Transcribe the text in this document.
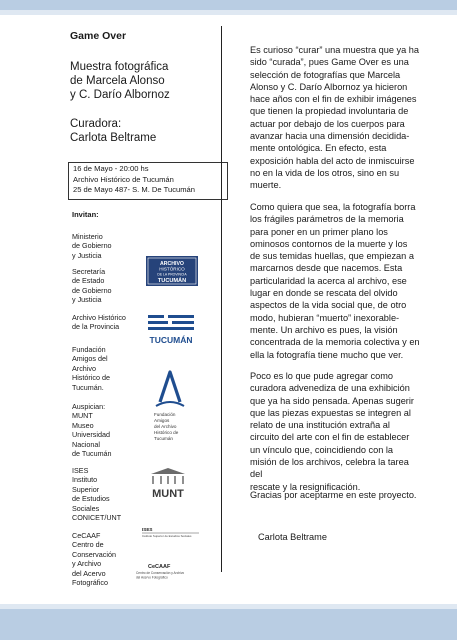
Game Over
Muestra fotográfica
de Marcela Alonso
y C. Darío Albornoz
Curadora:
Carlota Beltrame
16 de Mayo - 20:00 hs
Archivo Histórico de Tucumán
25 de Mayo 487- S. M. De Tucumán
Invitan:
Ministerio
de Gobierno
y Justicia
Secretaría
de Estado
de Gobierno
y Justicia
Archivo Histórico
de la Provincia
Fundación
Amigos del
Archivo
Histórico de
Tucumán.
Auspician:
MUNT
Museo
Universidad
Nacional
de Tucumán
ISES
Instituto
Superior
de Estudios
Sociales
CONICET/UNT
CeCAAF
Centro de
Conservación
y Archivo
del Acervo
Fotográfico
ARCHIVO
HISTÓRICO
DE LA PROVINCIA
TUCUMÁN
TUCUMÁN
Fundación
Amigos
del Archivo
Histórico de
Tucumán
MUNT
ISES
Instituto Superior de Estudios Sociales
CeCAAF
Centro de Conservación y Archivo
del Acervo Fotográfico
Es curioso “curar” una muestra que ya ha
sido “curada”, pues Game Over es una
selección de fotografías que Marcela
Alonso y C. Darío Albornoz ya hicieron
hace años con el fin de exhibir imágenes
que tienen la propiedad involuntaria de
actuar por debajo de los cuerpos para
avanzar hacia una dimensión decidida-
mente ontológica. En efecto, esta
exposición habla del acto de inmiscuirse
no en la vida de los otros, sino en su
muerte.
Como quiera que sea, la fotografía borra
los frágiles parámetros de la memoria
para poner en un primer plano los
ominosos contornos de la muerte y los
de sus temidas huellas, que empiezan a
marcarnos desde que nacemos. Esta
particularidad la acerca al archivo, ese
lugar en donde se rescata del olvido
aspectos de la vida social que, de otro
modo, hubieran “muerto” inexorable-
mente. Un archivo es pues, la visión
concentrada de la memoria colectiva y en
ella la fotografía tiene mucho que ver.
Poco es lo que pude agregar como
curadora advenediza de una exhibición
que ya ha sido pensada. Apenas sugerir
que las piezas expuestas se integren al
relato de una institución extraña al
circuito del arte con el fin de establecer
un vínculo que, coincidiendo con la
misión de los archivos, celebra la tarea del
rescate y la resignificación.
Gracias por aceptarme en este proyecto.
Carlota Beltrame
